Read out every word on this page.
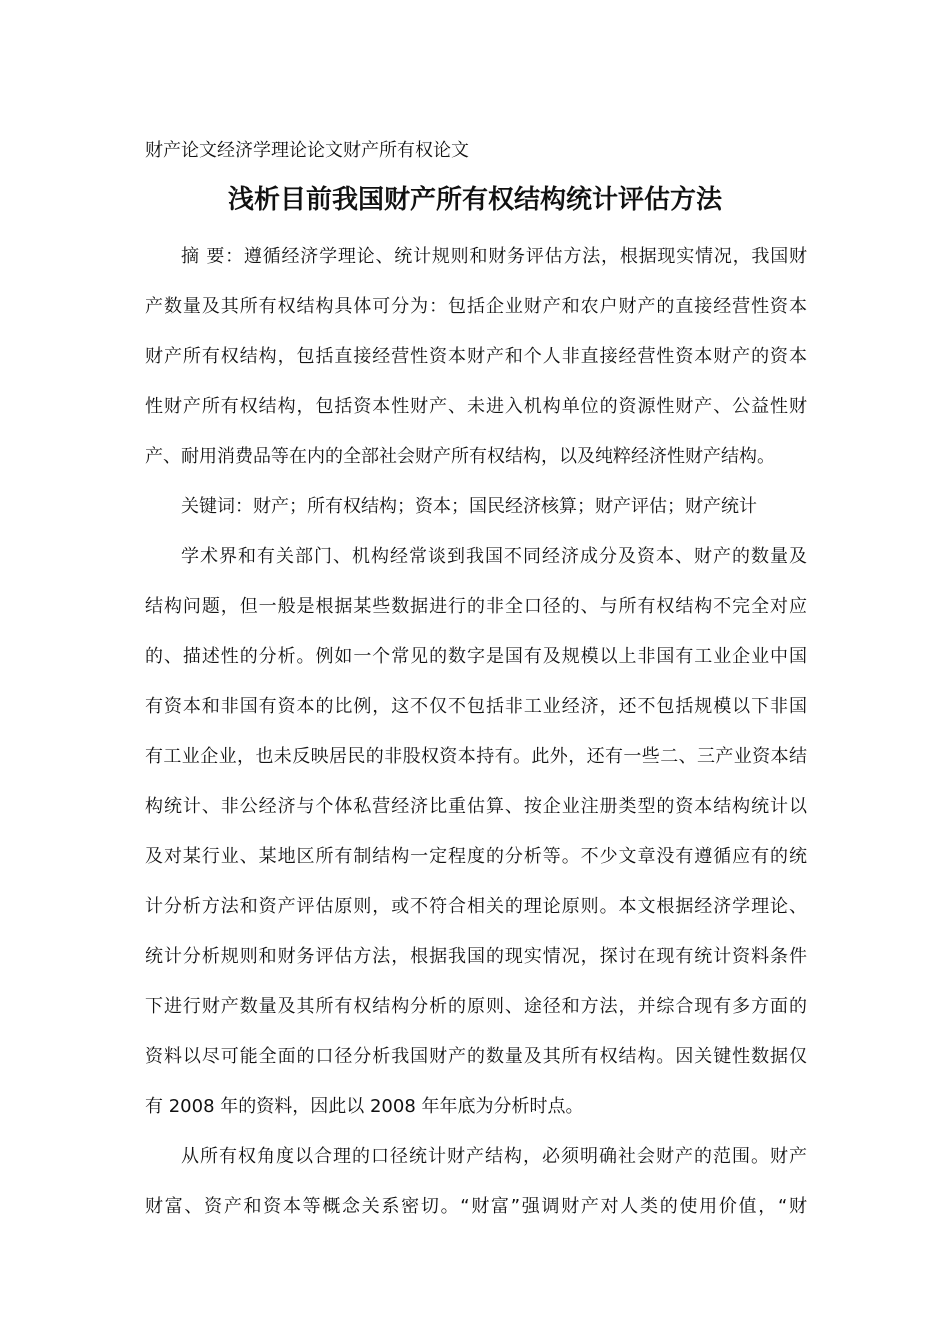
财产论文经济学理论论文财产所有权论文
浅析目前我国财产所有权结构统计评估方法
摘 要：遵循经济学理论、统计规则和财务评估方法，根据现实情况，我国财
产数量及其所有权结构具体可分为：包括企业财产和农户财产的直接经营性资本
财产所有权结构，包括直接经营性资本财产和个人非直接经营性资本财产的资本
性财产所有权结构，包括资本性财产、未进入机构单位的资源性财产、公益性财
产、耐用消费品等在内的全部社会财产所有权结构，以及纯粹经济性财产结构。
关键词：财产；所有权结构；资本；国民经济核算；财产评估；财产统计
学术界和有关部门、机构经常谈到我国不同经济成分及资本、财产的数量及
结构问题，但一般是根据某些数据进行的非全口径的、与所有权结构不完全对应
的、描述性的分析。例如一个常见的数字是国有及规模以上非国有工业企业中国
有资本和非国有资本的比例，这不仅不包括非工业经济，还不包括规模以下非国
有工业企业，也未反映居民的非股权资本持有。此外，还有一些二、三产业资本结
构统计、非公经济与个体私营经济比重估算、按企业注册类型的资本结构统计以
及对某行业、某地区所有制结构一定程度的分析等。不少文章没有遵循应有的统
计分析方法和资产评估原则，或不符合相关的理论原则。本文根据经济学理论、
统计分析规则和财务评估方法，根据我国的现实情况，探讨在现有统计资料条件
下进行财产数量及其所有权结构分析的原则、途径和方法，并综合现有多方面的
资料以尽可能全面的口径分析我国财产的数量及其所有权结构。因关键性数据仅
有 2008 年的资料，因此以 2008 年年底为分析时点。
从所有权角度以合理的口径统计财产结构，必须明确社会财产的范围。财产
财富、资产和资本等概念关系密切。“财富”强调财产对人类的使用价值，“财
